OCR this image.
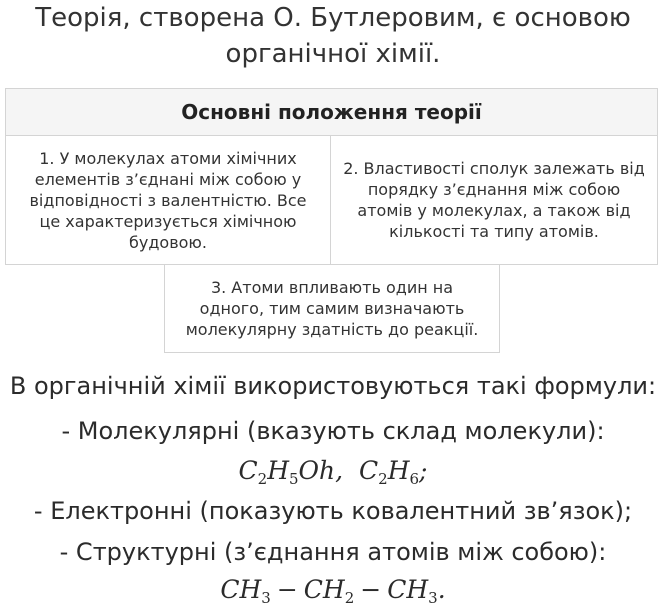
Теорія, створена О. Бутлеровим, є основою
органічної хімії.
Основні положення теорії
1. У молекулах атоми хімічних
елементів з’єднані між собою у
відповідності з валентністю. Все
це характеризується хімічною
будовою.
2. Властивості сполук залежать від
порядку з’єднання між собою
атомів у молекулах, а також від
кількості та типу атомів.
3. Атоми впливають один на
одного, тим самим визначають
молекулярну здатність до реакції.
В органічній хімії використовуються такі формули:
- Молекулярні (вказують склад молекули):
$C_2H_5Oh$, $C_2H_6$;
- Електронні (показують ковалентний зв’язок);
- Структурні (з’єднання атомів між собою):
$CH_3 - CH_2 - CH_3$.
